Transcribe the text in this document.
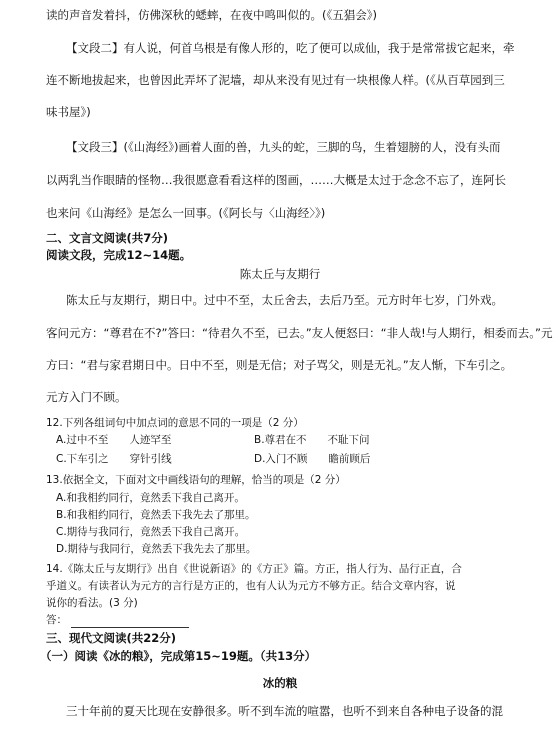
读的声音发着抖，仿佛深秋的蟋蟀，在夜中鸣叫似的。(《五猖会》)
【文段二】有人说，何首乌根是有像人形的，吃了便可以成仙，我于是常常拔它起来，牵
连不断地拔起来，也曾因此弄坏了泥墙，却从来没有见过有一块根像人样。(《从百草园到三
味书屋》)
【文段三】(《山海经》)画着人面的兽，九头的蛇，三脚的鸟，生着翅膀的人，没有头而
以两乳当作眼睛的怪物…我很愿意看看这样的图画，……大概是太过于念念不忘了，连阿长
也来问《山海经》是怎么一回事。(《阿长与〈山海经〉》)
二、文言文阅读(共7分)
阅读文段，完成12~14题。
陈太丘与友期行
陈太丘与友期行，期日中。过中不至，太丘舍去，去后乃至。元方时年七岁，门外戏。
客问元方：“尊君在不?”答曰：“待君久不至，已去。”友人便怒曰：“非人哉!与人期行，相委而去。”元
方曰：“君与家君期日中。日中不至，则是无信；对子骂父，则是无礼。”友人惭，下车引之。
元方入门不顾。
12.下列各组词句中加点词的意思不同的一项是（2 分）
A.过中不至　　人迹罕至	B.尊君在不　　不耻下问
C.下车引之　　穿针引线	D.入门不顾　　瞻前顾后
13.依据全文，下面对文中画线语句的理解，恰当的项是（2 分）
A.和我相约同行，竟然丢下我自己离开。
B.和我相约同行，竟然丢下我先去了那里。
C.期待与我同行，竟然丢下我自己离开。
D.期待与我同行，竟然丢下我先去了那里。
14.《陈太丘与友期行》出自《世说新语》的《方正》篇。方正，指人行为、品行正直，合
乎道义。有读者认为元方的言行是方正的，也有人认为元方不够方正。结合文章内容，说
说你的看法。(3 分)
答：
三、现代文阅读(共22分)
（一）阅读《冰的粮》，完成第15~19题。（共13分）
冰的粮
三十年前的夏天比现在安静很多。听不到车流的喧嚣，也听不到来自各种电子设备的混
